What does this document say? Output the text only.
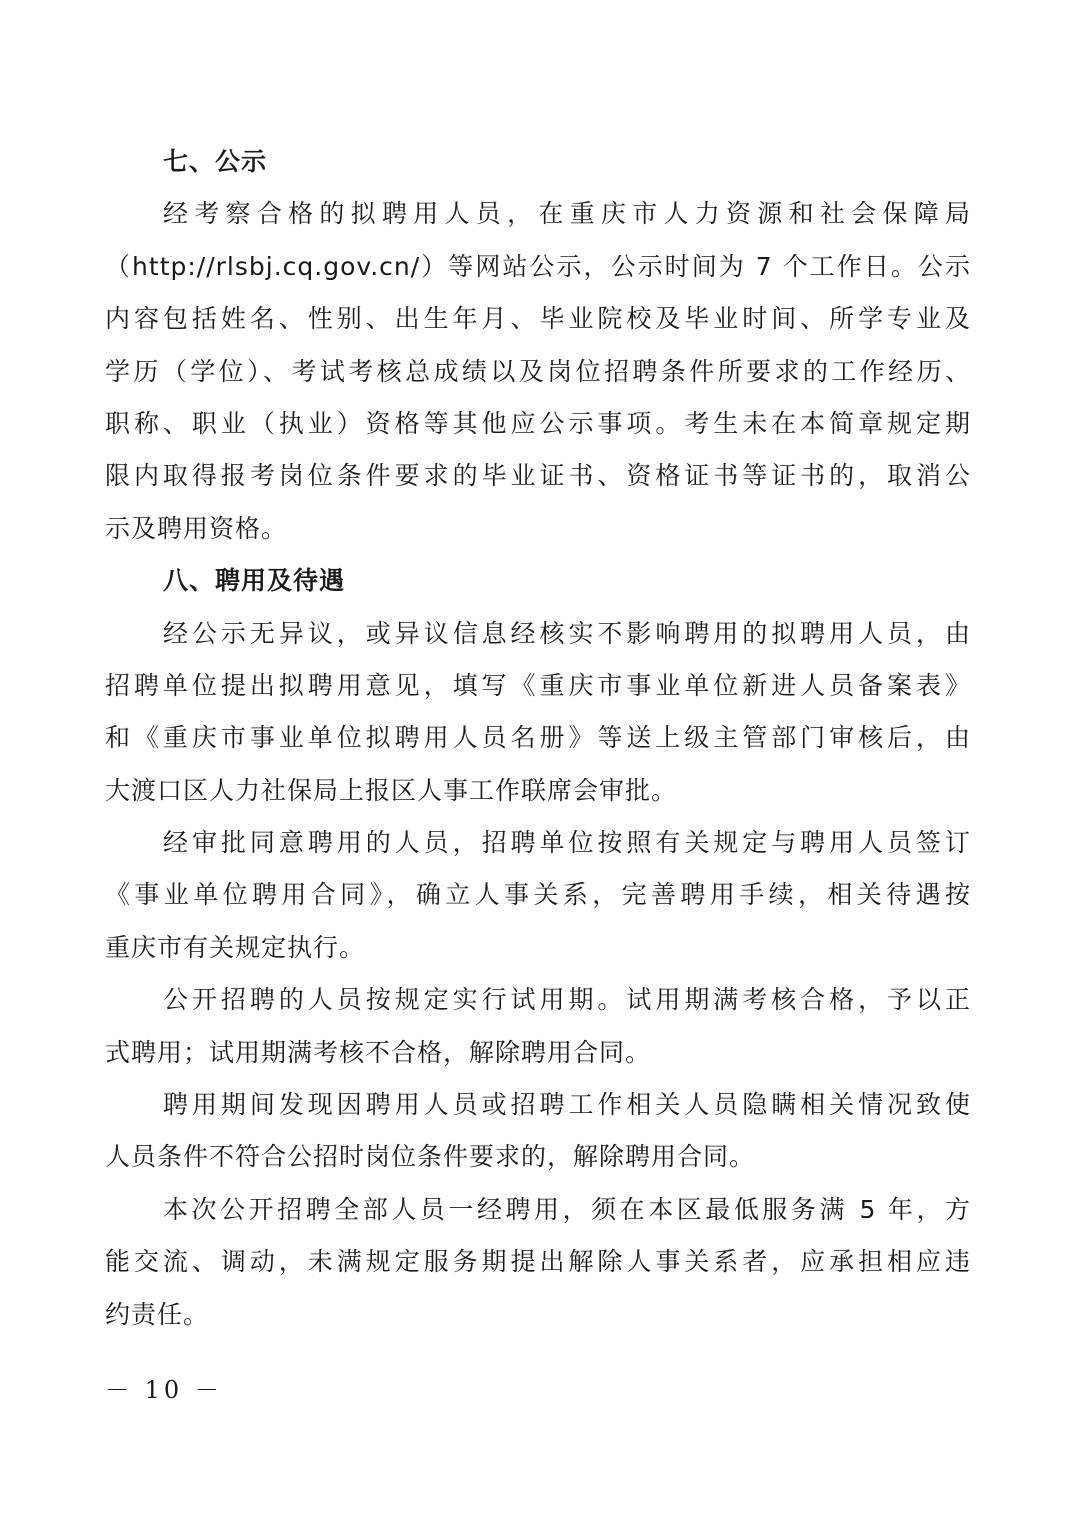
七、公示
经考察合格的拟聘用人员，在重庆市人力资源和社会保障局
（http://rlsbj.cq.gov.cn/）等网站公示，公示时间为 7 个工作日。公示
内容包括姓名、性别、出生年月、毕业院校及毕业时间、所学专业及
学历（学位）、考试考核总成绩以及岗位招聘条件所要求的工作经历、
职称、职业（执业）资格等其他应公示事项。考生未在本简章规定期
限内取得报考岗位条件要求的毕业证书、资格证书等证书的，取消公
示及聘用资格。
八、聘用及待遇
经公示无异议，或异议信息经核实不影响聘用的拟聘用人员，由
招聘单位提出拟聘用意见，填写《重庆市事业单位新进人员备案表》
和《重庆市事业单位拟聘用人员名册》等送上级主管部门审核后，由
大渡口区人力社保局上报区人事工作联席会审批。
经审批同意聘用的人员，招聘单位按照有关规定与聘用人员签订
《事业单位聘用合同》，确立人事关系，完善聘用手续，相关待遇按
重庆市有关规定执行。
公开招聘的人员按规定实行试用期。试用期满考核合格，予以正
式聘用；试用期满考核不合格，解除聘用合同。
聘用期间发现因聘用人员或招聘工作相关人员隐瞒相关情况致使
人员条件不符合公招时岗位条件要求的，解除聘用合同。
本次公开招聘全部人员一经聘用，须在本区最低服务满 5 年，方
能交流、调动，未满规定服务期提出解除人事关系者，应承担相应违
约责任。
－ 10 －
